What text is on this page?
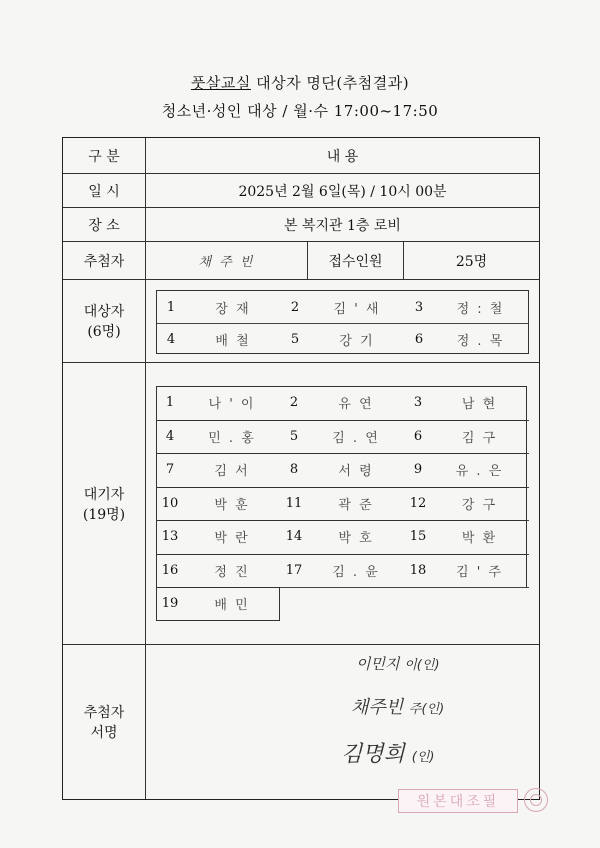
풋살교실 대상자 명단(추첨결과)
청소년·성인 대상 / 월·수 17:00~17:50
구 분	내 용
일 시	2025년 2월 6일(목) / 10시 00분
장 소	본 복지관 1층 로비
추첨자	채 주 빈	접수인원	25명
대상자
(6명)
1	장 재	2	김 ' 새	3	정 : 철
4	배 철	5	강 기	6	정 . 목
대기자
(19명)
1	나 ' 이	2	유 연	3	남 현
4	민 . 홍	5	김 . 연	6	김 구
7	김 서	8	서 령	9	유 . 은
10	박 훈	11	곽 준	12	강 구
13	박 란	14	박 호	15	박 환
16	정 진	17	김 . 윤	18	김 ' 주
19	배 민
추첨자
서명
이민지 이(인)
채주빈 주(인)
김명희 (인)
원본대조필
